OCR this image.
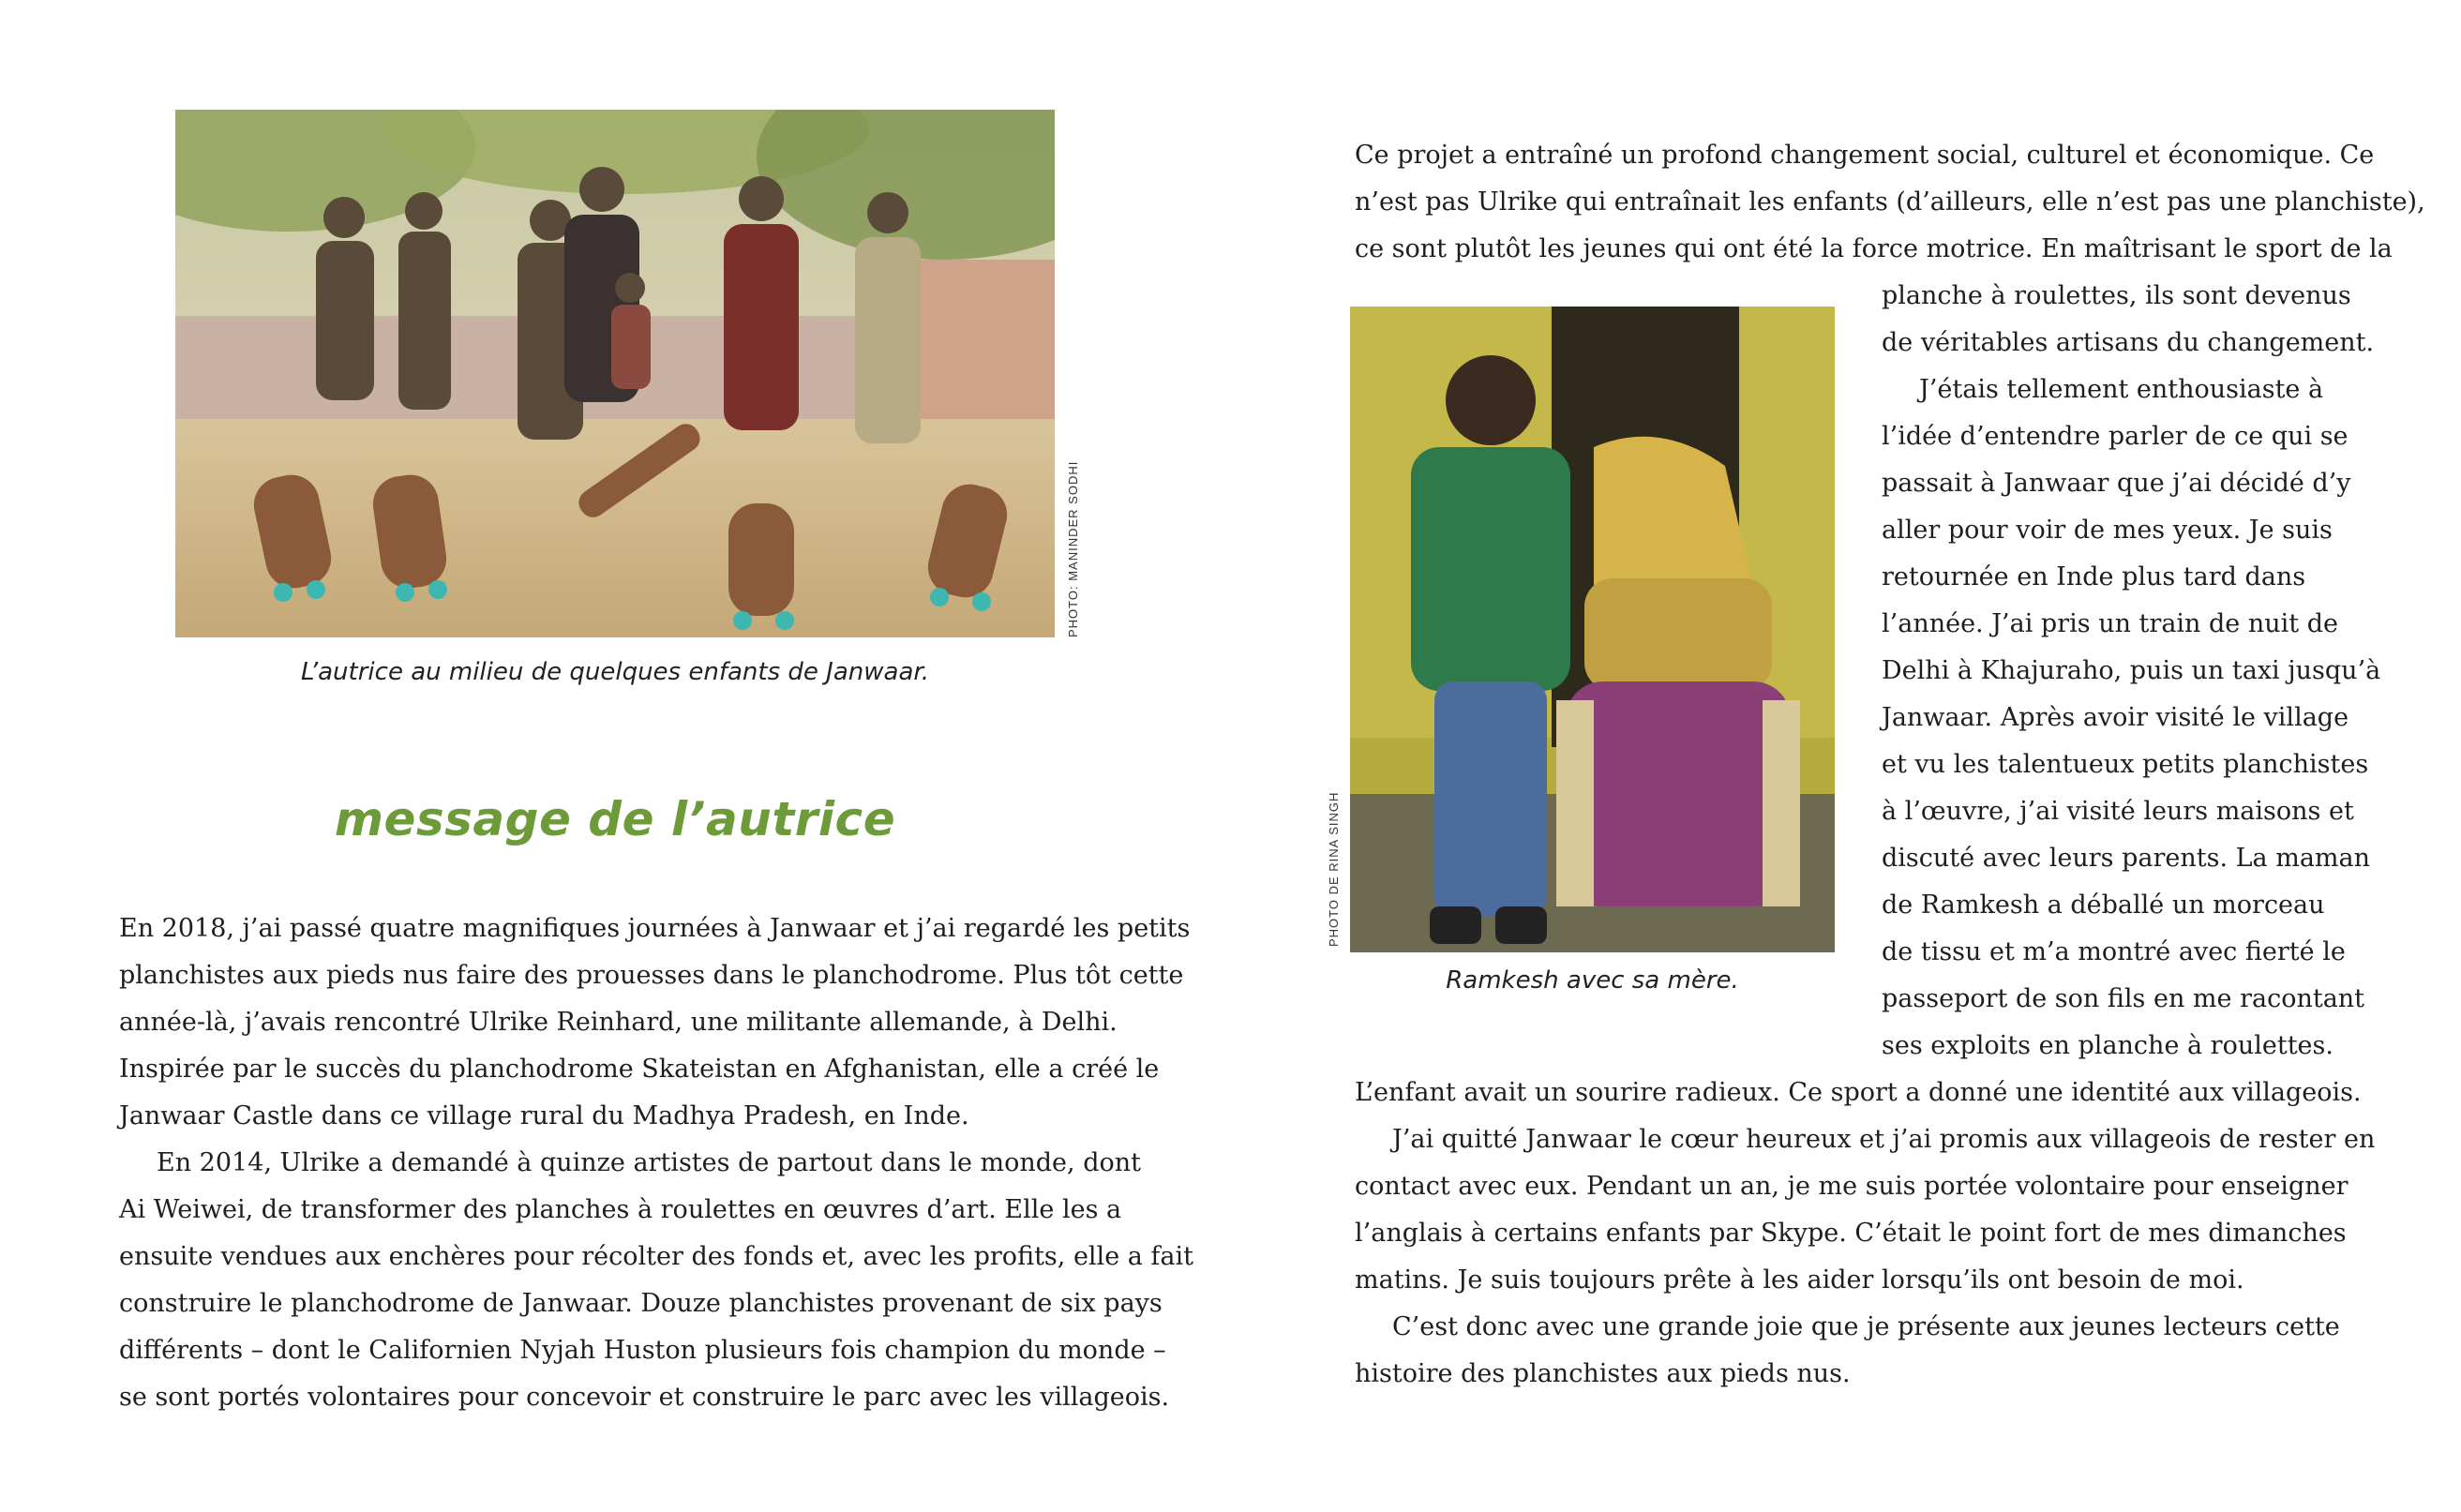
PHOTO: MANINDER SODHI
L’autrice au milieu de quelques enfants de Janwaar.
message de l’autrice
En 2018, j’ai passé quatre magnifiques journées à Janwaar et j’ai regardé les petits
planchistes aux pieds nus faire des prouesses dans le planchodrome. Plus tôt cette
année-là, j’avais rencontré Ulrike Reinhard, une militante allemande, à Delhi.
Inspirée par le succès du planchodrome Skateistan en Afghanistan, elle a créé le
Janwaar Castle dans ce village rural du Madhya Pradesh, en Inde.
En 2014, Ulrike a demandé à quinze artistes de partout dans le monde, dont
Ai Weiwei, de transformer des planches à roulettes en œuvres d’art. Elle les a
ensuite vendues aux enchères pour récolter des fonds et, avec les profits, elle a fait
construire le planchodrome de Janwaar. Douze planchistes provenant de six pays
différents – dont le Californien Nyjah Huston plusieurs fois champion du monde –
se sont portés volontaires pour concevoir et construire le parc avec les villageois.
Ce projet a entraîné un profond changement social, culturel et économique. Ce
n’est pas Ulrike qui entraînait les enfants (d’ailleurs, elle n’est pas une planchiste),
ce sont plutôt les jeunes qui ont été la force motrice. En maîtrisant le sport de la
PHOTO DE RINA SINGH
Ramkesh avec sa mère.
planche à roulettes, ils sont devenus
de véritables artisans du changement.
J’étais tellement enthousiaste à
l’idée d’entendre parler de ce qui se
passait à Janwaar que j’ai décidé d’y
aller pour voir de mes yeux. Je suis
retournée en Inde plus tard dans
l’année. J’ai pris un train de nuit de
Delhi à Khajuraho, puis un taxi jusqu’à
Janwaar. Après avoir visité le village
et vu les talentueux petits planchistes
à l’œuvre, j’ai visité leurs maisons et
discuté avec leurs parents. La maman
de Ramkesh a déballé un morceau
de tissu et m’a montré avec fierté le
passeport de son fils en me racontant
ses exploits en planche à roulettes.
L’enfant avait un sourire radieux. Ce sport a donné une identité aux villageois.
J’ai quitté Janwaar le cœur heureux et j’ai promis aux villageois de rester en
contact avec eux. Pendant un an, je me suis portée volontaire pour enseigner
l’anglais à certains enfants par Skype. C’était le point fort de mes dimanches
matins. Je suis toujours prête à les aider lorsqu’ils ont besoin de moi.
C’est donc avec une grande joie que je présente aux jeunes lecteurs cette
histoire des planchistes aux pieds nus.
